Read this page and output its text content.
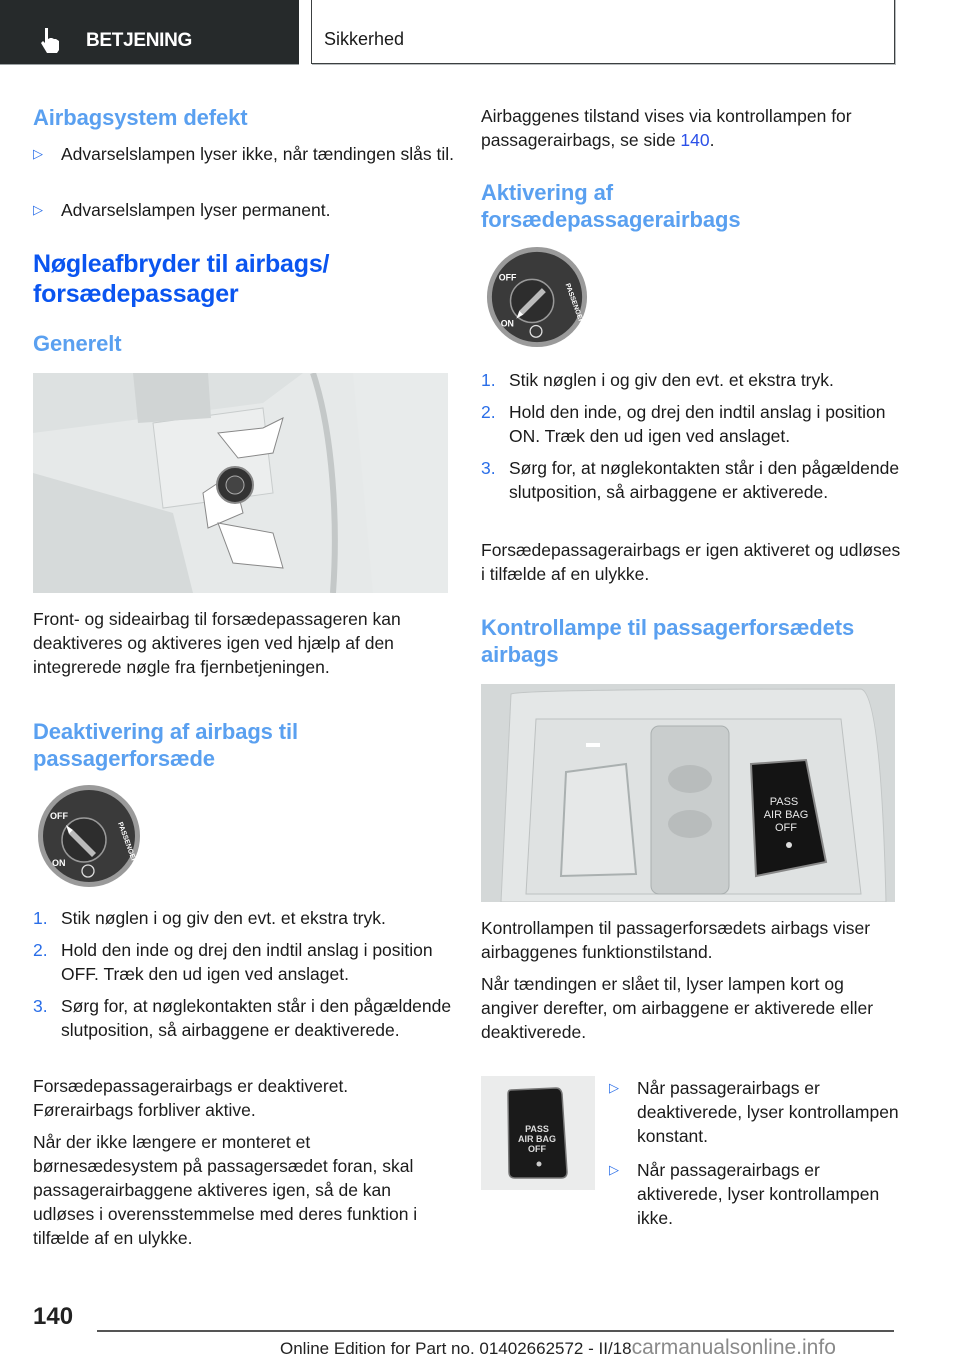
BETJENING	Sikkerhed
Airbagsystem defekt
▷ Advarselslampen lyser ikke, når tændingen slås til.
▷ Advarselslampen lyser permanent.
Nøgleafbryder til airbags/ forsædepassager
Generelt
Front- og sideairbag til forsædepassageren kan deaktiveres og aktiveres igen ved hjælp af den integrerede nøgle fra fjernbetjeningen.
Deaktivering af airbags til passagerforsæde
OFF
ON	PASSENGER
1. Stik nøglen i og giv den evt. et ekstra tryk.
2. Hold den inde og drej den indtil anslag i position OFF. Træk den ud igen ved anslaget.
3. Sørg for, at nøglekontakten står i den pågældende slutposition, så airbaggene er deaktiverede.
Forsædepassagerairbags er deaktiveret. Førerairbags forbliver aktive.
Når der ikke længere er monteret et børnesædesystem på passagersædet foran, skal passagerairbaggene aktiveres igen, så de kan udløses i overensstemmelse med deres funktion i tilfælde af en ulykke.
Airbaggenes tilstand vises via kontrollampen for passagerairbags, se side 140.
Aktivering af forsædepassagerairbags
OFF
ON	PASSENGER
1. Stik nøglen i og giv den evt. et ekstra tryk.
2. Hold den inde, og drej den indtil anslag i position ON. Træk den ud igen ved anslaget.
3. Sørg for, at nøglekontakten står i den pågældende slutposition, så airbaggene er aktiverede.
Forsædepassagerairbags er igen aktiveret og udløses i tilfælde af en ulykke.
Kontrollampe til passagerforsædets airbags
PASS
AIR BAG
OFF
Kontrollampen til passagerforsædets airbags viser airbaggenes funktionstilstand.
Når tændingen er slået til, lyser lampen kort og angiver derefter, om airbaggene er aktiverede eller deaktiverede.
PASS
AIR BAG
OFF
▷ Når passagerairbags er deaktiverede, lyser kontrollampen konstant.
▷ Når passagerairbags er aktiverede, lyser kontrollampen ikke.
140
Online Edition for Part no. 01402662572 - II/18carmanualsonline.info
